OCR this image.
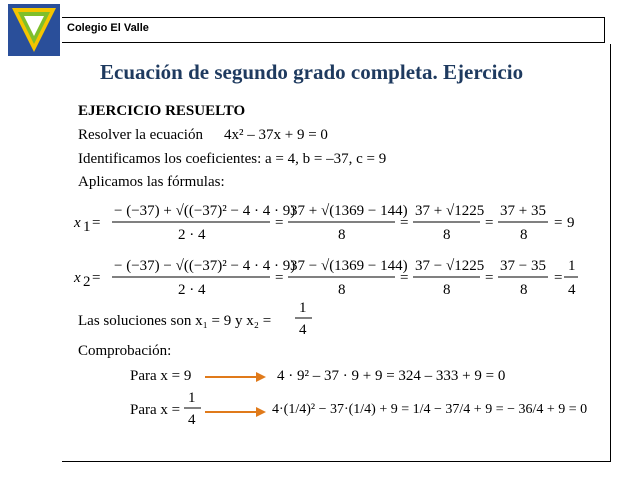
Colegio El Valle
Ecuación de segundo grado completa. Ejercicio
EJERCICIO RESUELTO
Resolver la ecuación 4x² – 37x + 9 = 0
Identificamos los coeficientes: a = 4, b = –37, c = 9
Aplicamos las fórmulas:
x 1 =
− (−37) + √((−37)² − 4 · 4 · 9)
2 · 4
=
37 + √(1369 − 144)
8
=
37 + √1225
8
=
37 + 35
8
= 9
x 2 =
− (−37) − √((−37)² − 4 · 4 · 9)
2 · 4
=
37 − √(1369 − 144)
8
=
37 − √1225
8
=
37 − 35
8
=
1
4
Las soluciones son x₁ = 9 y x₂ =
1
4
Comprobación:
Para x = 9	4 · 9² – 37 · 9 + 9 = 324 – 333 + 9 = 0
Para x =
1
4
4·(1/4)² − 37·(1/4) + 9 = 1/4 − 37/4 + 9 = − 36/4 + 9 = 0
